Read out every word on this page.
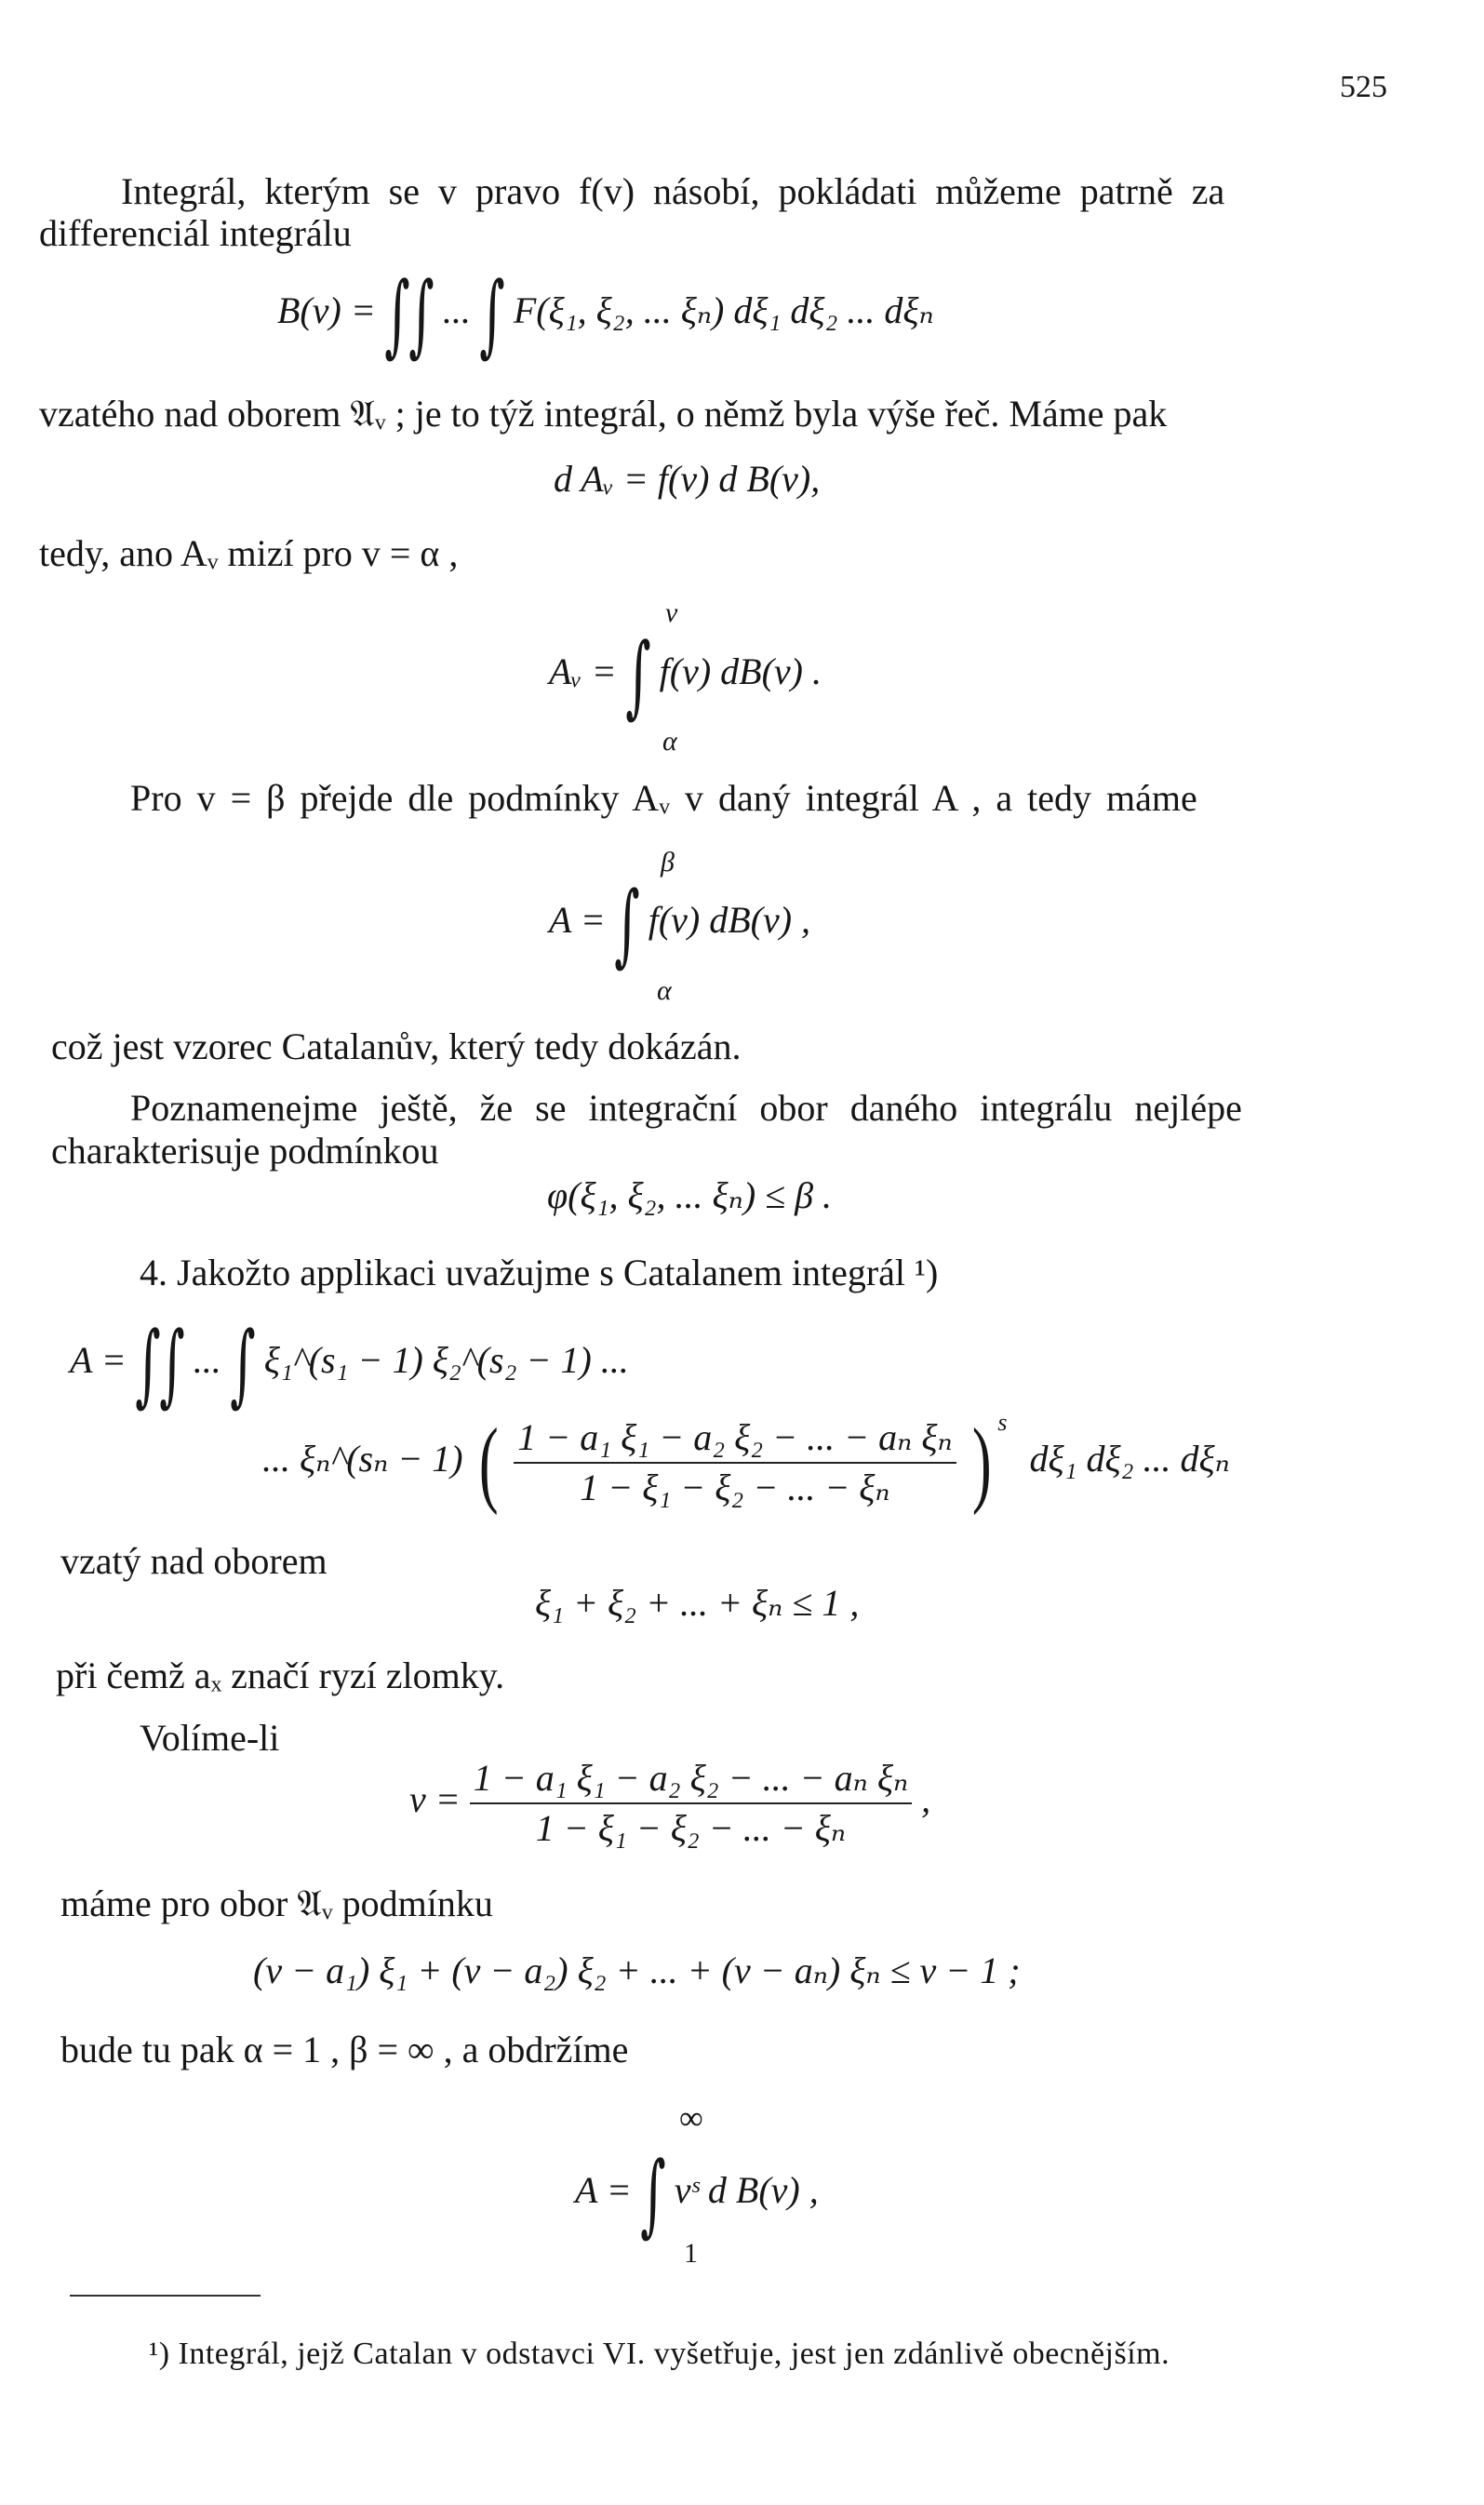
525
Integrál, kterým se v pravo f(v) násobí, pokládati můžeme patrně za
differenciál integrálu
B(v) = ∫∫ ... ∫ F(ξ₁, ξ₂, ... ξₙ) dξ₁ dξ₂ ... dξₙ
vzatého nad oborem 𝔄ᵥ ; je to týž integrál, o němž byla výše řeč. Máme pak
d Aᵥ = f(v) d B(v),
tedy, ano Aᵥ mizí pro v = α ,
v
Aᵥ = ∫ f(v) dB(v) .
α
Pro v = β přejde dle podmínky Aᵥ v daný integrál A , a tedy máme
β
A = ∫ f(v) dB(v) ,
α
což jest vzorec Catalanův, který tedy dokázán.
Poznamenejme ještě, že se integrační obor daného integrálu nejlépe
charakterisuje podmínkou
φ(ξ₁, ξ₂, ... ξₙ) ≤ β .
4. Jakožto applikaci uvažujme s Catalanem integrál ¹)
A = ∫∫ ... ∫ ξ₁^(s₁ − 1) ξ₂^(s₂ − 1) ...
... ξₙ^(sₙ − 1) ( $\frac{\text{1 − a₁ ξ₁ − a₂ ξ₂ − ... − aₙ ξₙ}}{\text{1 − ξ₁ − ξ₂ − ... − ξₙ}}$ ) $^s$ dξ₁ dξ₂ ... dξₙ
vzatý nad oborem
ξ₁ + ξ₂ + ... + ξₙ ≤ 1 ,
při čemž aₓ značí ryzí zlomky.
Volíme-li
$v = \frac{\text{1 − a₁ ξ₁ − a₂ ξ₂ − ... − aₙ ξₙ}}{\text{1 − ξ₁ − ξ₂ − ... − ξₙ}}$ ,
máme pro obor 𝔄ᵥ podmínku
(v − a₁) ξ₁ + (v − a₂) ξ₂ + ... + (v − aₙ) ξₙ ≤ v − 1 ;
bude tu pak α = 1 , β = ∞ , a obdržíme
∞
A = ∫ vˢ d B(v) ,
1
¹) Integrál, jejž Catalan v odstavci VI. vyšetřuje, jest jen zdánlivě obecnějším.
